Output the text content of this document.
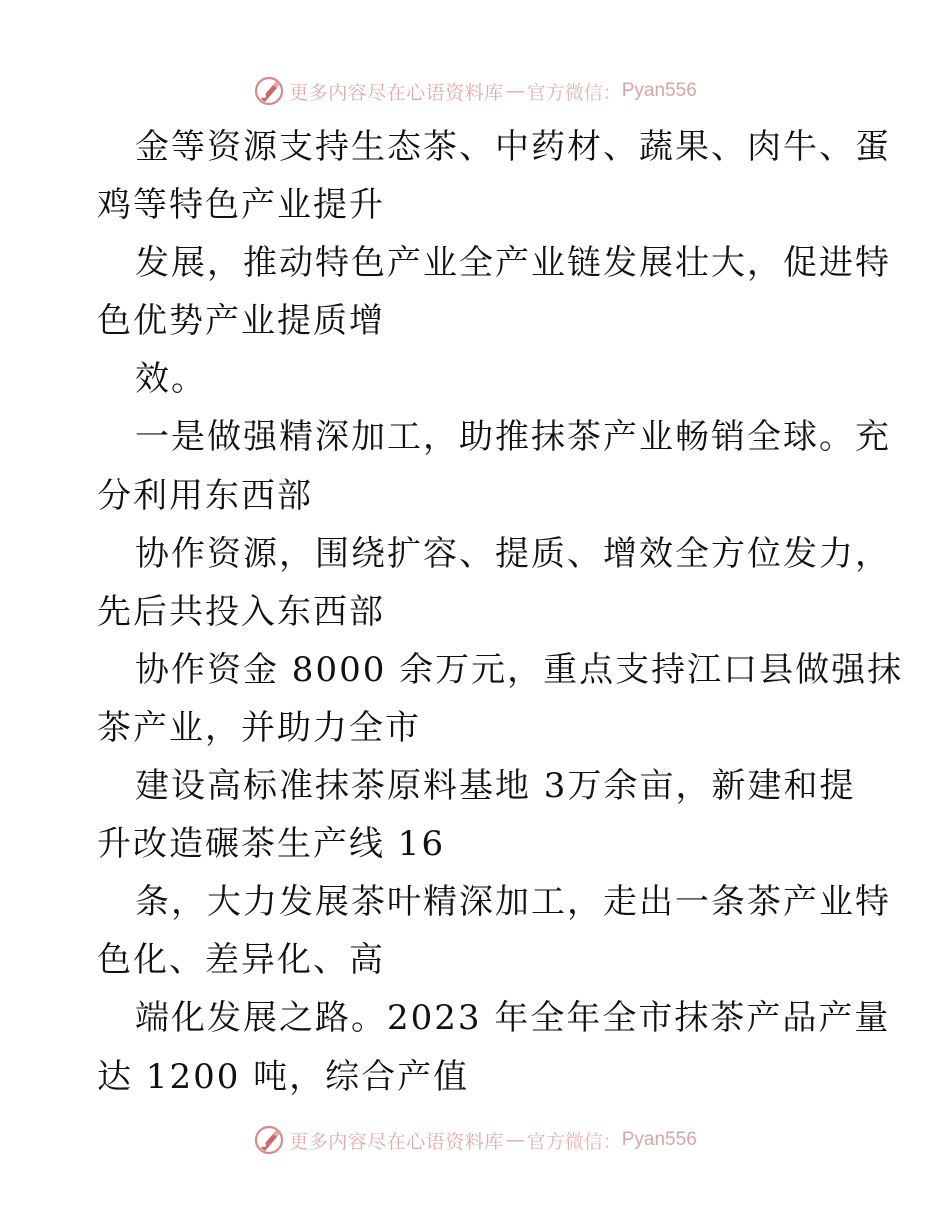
更多内容尽在心语资料库 — 官方微信： Pyan556
金等资源支持生态茶、中药材、蔬果、肉牛、蛋
鸡等特色产业提升
发展，推动特色产业全产业链发展壮大，促进特
色优势产业提质增
效。
一是做强精深加工，助推抹茶产业畅销全球。充
分利用东西部
协作资源，围绕扩容、提质、增效全方位发力，
先后共投入东西部
协作资金 8000 余万元，重点支持江口县做强抹
茶产业，并助力全市
建设高标准抹茶原料基地 3万余亩，新建和提
升改造碾茶生产线 16
条，大力发展茶叶精深加工，走出一条茶产业特
色化、差异化、高
端化发展之路。2023 年全年全市抹茶产品产量
达 1200 吨，综合产值
更多内容尽在心语资料库 — 官方微信： Pyan556
